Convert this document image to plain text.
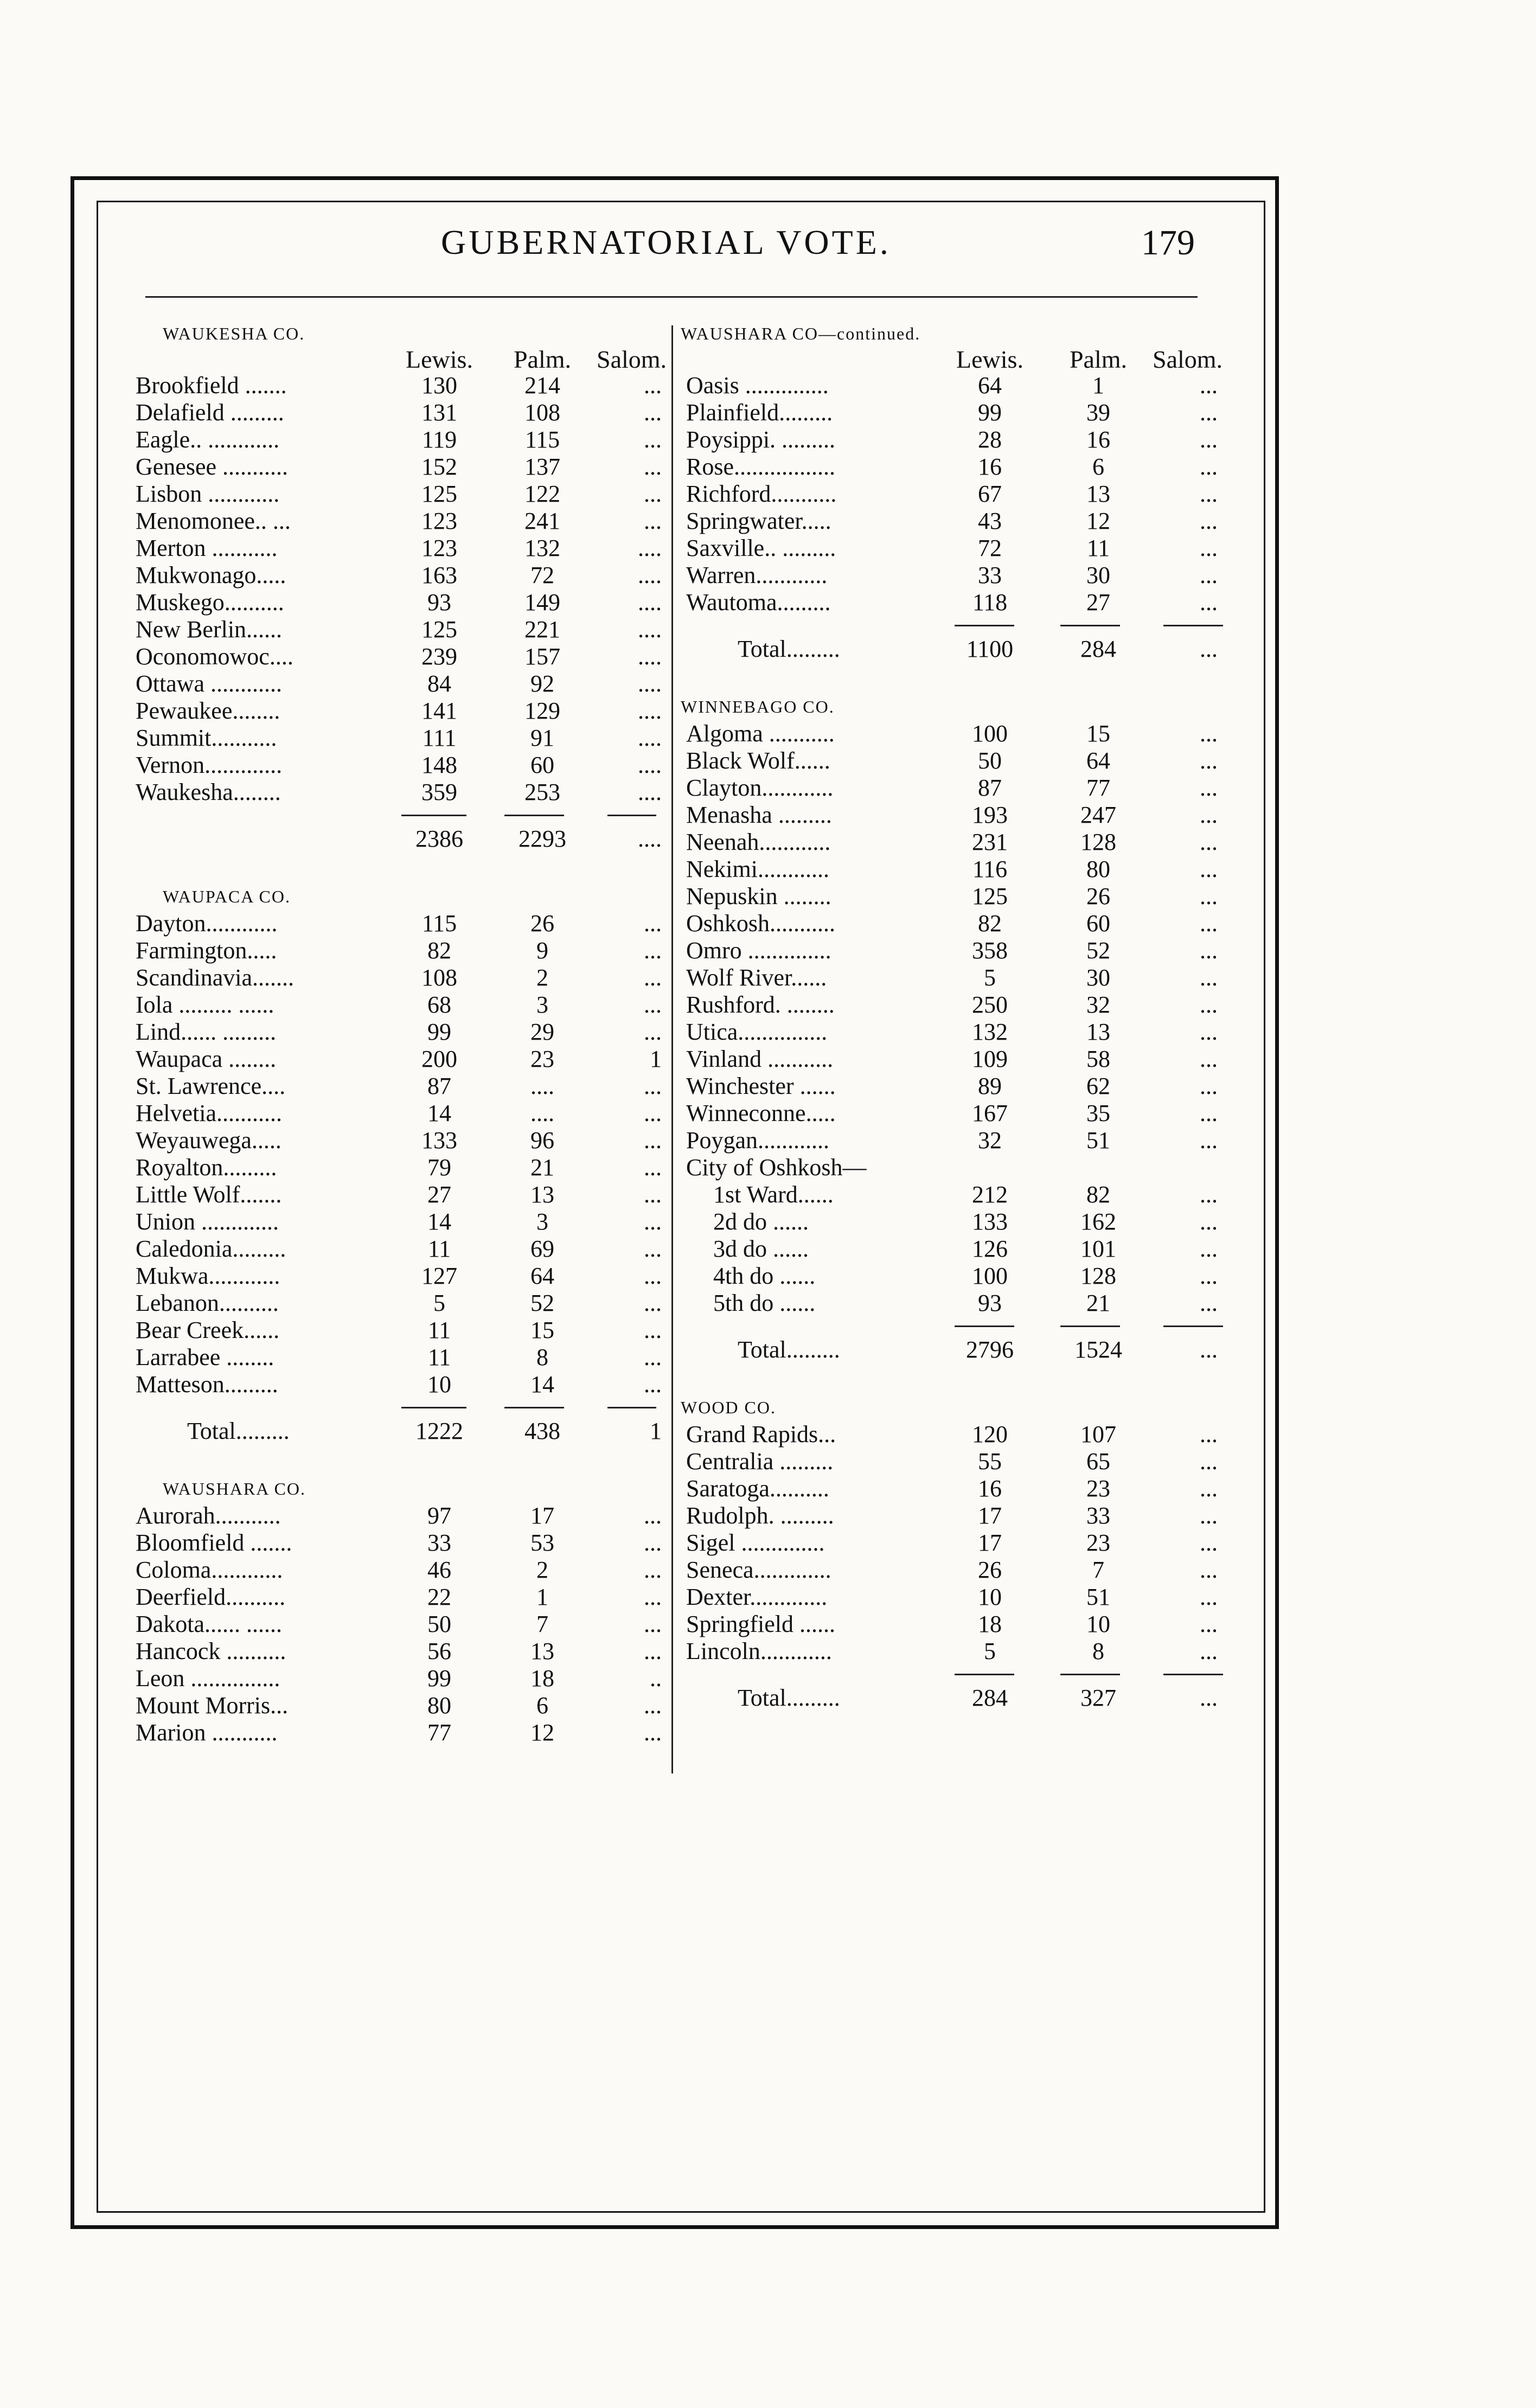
GUBERNATORIAL VOTE.	179
WAUKESHA CO.
Lewis.	Palm.	Salom.
Brookfield .......	130	214	...
Delafield .........	131	108	...
Eagle.. ............	119	115	...
Genesee ...........	152	137	...
Lisbon ............	125	122	...
Menomonee.. ...	123	241	...
Merton ...........	123	132	....
Mukwonago.....	163	72	....
Muskego..........	93	149	....
New Berlin......	125	221	....
Oconomowoc....	239	157	....
Ottawa ............	84	92	....
Pewaukee........	141	129	....
Summit...........	111	91	....
Vernon.............	148	60	....
Waukesha........	359	253	....
2386	2293	....
WAUPACA CO.
Dayton............	115	26	...
Farmington.....	82	9	...
Scandinavia.......	108	2	...
Iola ......... ......	68	3	...
Lind...... .........	99	29	...
Waupaca ........	200	23	1
St. Lawrence....	87	....	...
Helvetia...........	14	....	...
Weyauwega.....	133	96	...
Royalton.........	79	21	...
Little Wolf.......	27	13	...
Union .............	14	3	...
Caledonia.........	11	69	...
Mukwa............	127	64	...
Lebanon..........	5	52	...
Bear Creek......	11	15	...
Larrabee ........	11	8	...
Matteson.........	10	14	...
Total.........	1222	438	1
WAUSHARA CO.
Aurorah...........	97	17	...
Bloomfield .......	33	53	...
Coloma............	46	2	...
Deerfield..........	22	1	...
Dakota...... ......	50	7	...
Hancock ..........	56	13	...
Leon ...............	99	18	..
Mount Morris...	80	6	...
Marion ...........	77	12	...
WAUSHARA CO—continued.
Lewis.	Palm.	Salom.
Oasis ..............	64	1	...
Plainfield.........	99	39	...
Poysippi. .........	28	16	...
Rose.................	16	6	...
Richford...........	67	13	...
Springwater.....	43	12	...
Saxville.. .........	72	11	...
Warren............	33	30	...
Wautoma.........	118	27	...
Total.........	1100	284	...
WINNEBAGO CO.
Algoma ...........	100	15	...
Black Wolf......	50	64	...
Clayton............	87	77	...
Menasha .........	193	247	...
Neenah............	231	128	...
Nekimi............	116	80	...
Nepuskin ........	125	26	...
Oshkosh...........	82	60	...
Omro ..............	358	52	...
Wolf River......	5	30	...
Rushford. ........	250	32	...
Utica...............	132	13	...
Vinland ...........	109	58	...
Winchester ......	89	62	...
Winneconne.....	167	35	...
Poygan............	32	51	...
City of Oshkosh—
1st Ward......	212	82	...
2d do ......	133	162	...
3d do ......	126	101	...
4th do ......	100	128	...
5th do ......	93	21	...
Total.........	2796	1524	...
WOOD CO.
Grand Rapids...	120	107	...
Centralia .........	55	65	...
Saratoga..........	16	23	...
Rudolph. .........	17	33	...
Sigel ..............	17	23	...
Seneca.............	26	7	...
Dexter.............	10	51	...
Springfield ......	18	10	...
Lincoln............	5	8	...
Total.........	284	327	...
